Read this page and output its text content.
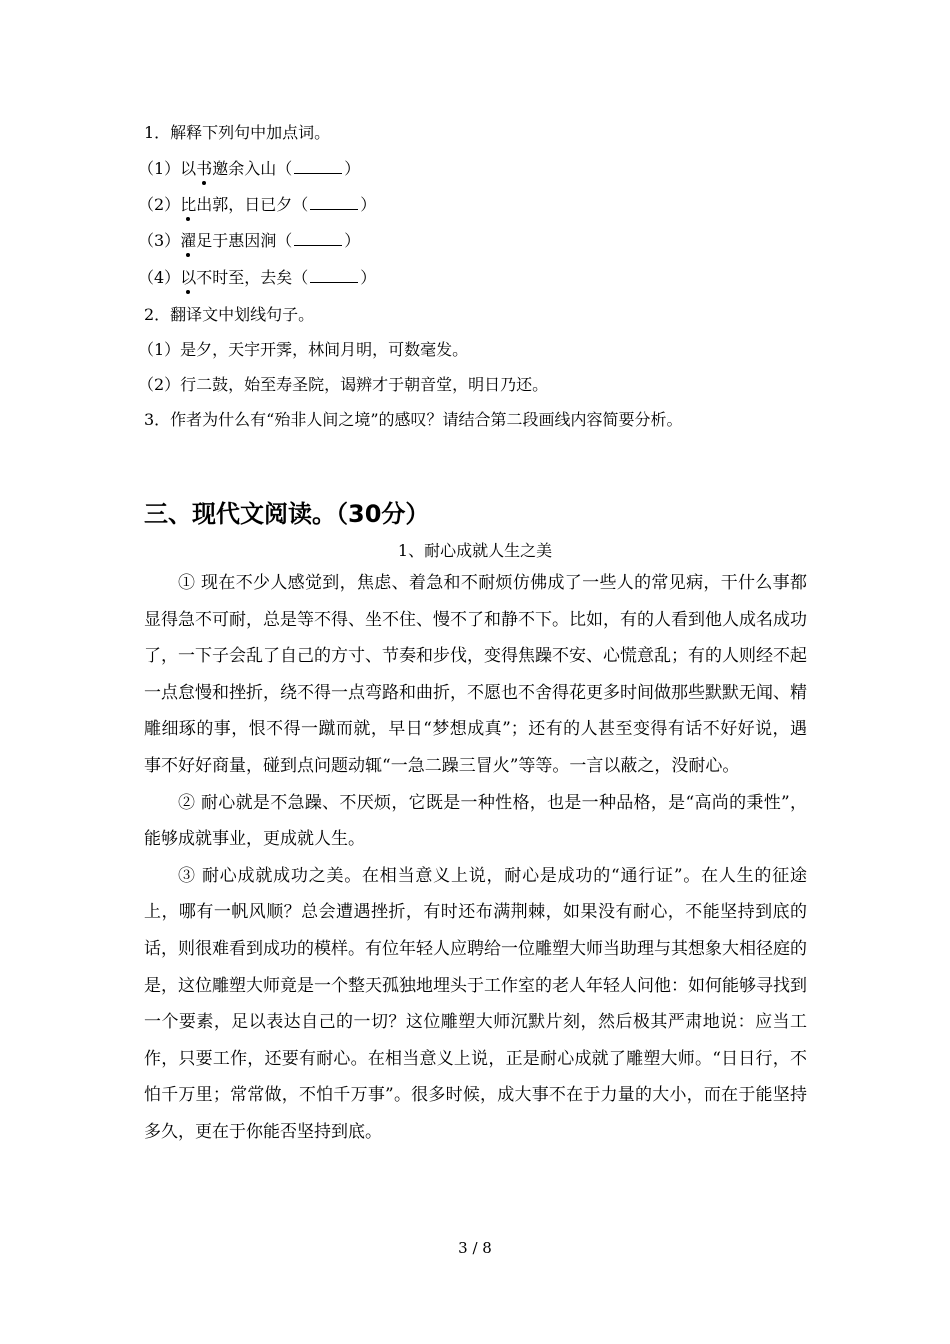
1．解释下列句中加点词。
（1）以书邀余入山（	）
（2）比出郭，日已夕（	）
（3）濯足于惠因涧（	）
（4）以不时至，去矣（	）
2．翻译文中划线句子。
（1）是夕，天宇开霁，林间月明，可数毫发。
（2）行二鼓，始至寿圣院，谒辨才于朝音堂，明日乃还。
3．作者为什么有“殆非人间之境”的感叹？请结合第二段画线内容简要分析。
三、现代文阅读。（30分）
1、耐心成就人生之美

① 现在不少人感觉到，焦虑、着急和不耐烦仿佛成了一些人的常见病，干什么事都显得急不可耐，总是等不得、坐不住、慢不了和静不下。比如，有的人看到他人成名成功了，一下子会乱了自己的方寸、节奏和步伐，变得焦躁不安、心慌意乱；有的人则经不起一点怠慢和挫折，绕不得一点弯路和曲折，不愿也不舍得花更多时间做那些默默无闻、精雕细琢的事，恨不得一蹴而就，早日“梦想成真”；还有的人甚至变得有话不好好说，遇事不好好商量，碰到点问题动辄“一急二躁三冒火”等等。一言以蔽之，没耐心。

② 耐心就是不急躁、不厌烦，它既是一种性格，也是一种品格，是“高尚的秉性”，能够成就事业，更成就人生。

③ 耐心成就成功之美。在相当意义上说，耐心是成功的“通行证”。在人生的征途上，哪有一帆风顺？总会遭遇挫折，有时还布满荆棘，如果没有耐心，不能坚持到底的话，则很难看到成功的模样。有位年轻人应聘给一位雕塑大师当助理与其想象大相径庭的是，这位雕塑大师竟是一个整天孤独地埋头于工作室的老人年轻人问他：如何能够寻找到一个要素，足以表达自己的一切？这位雕塑大师沉默片刻，然后极其严肃地说：应当工作，只要工作，还要有耐心。在相当意义上说，正是耐心成就了雕塑大师。“日日行，不怕千万里；常常做，不怕千万事”。很多时候，成大事不在于力量的大小，而在于能坚持多久，更在于你能否坚持到底。

3 / 8
